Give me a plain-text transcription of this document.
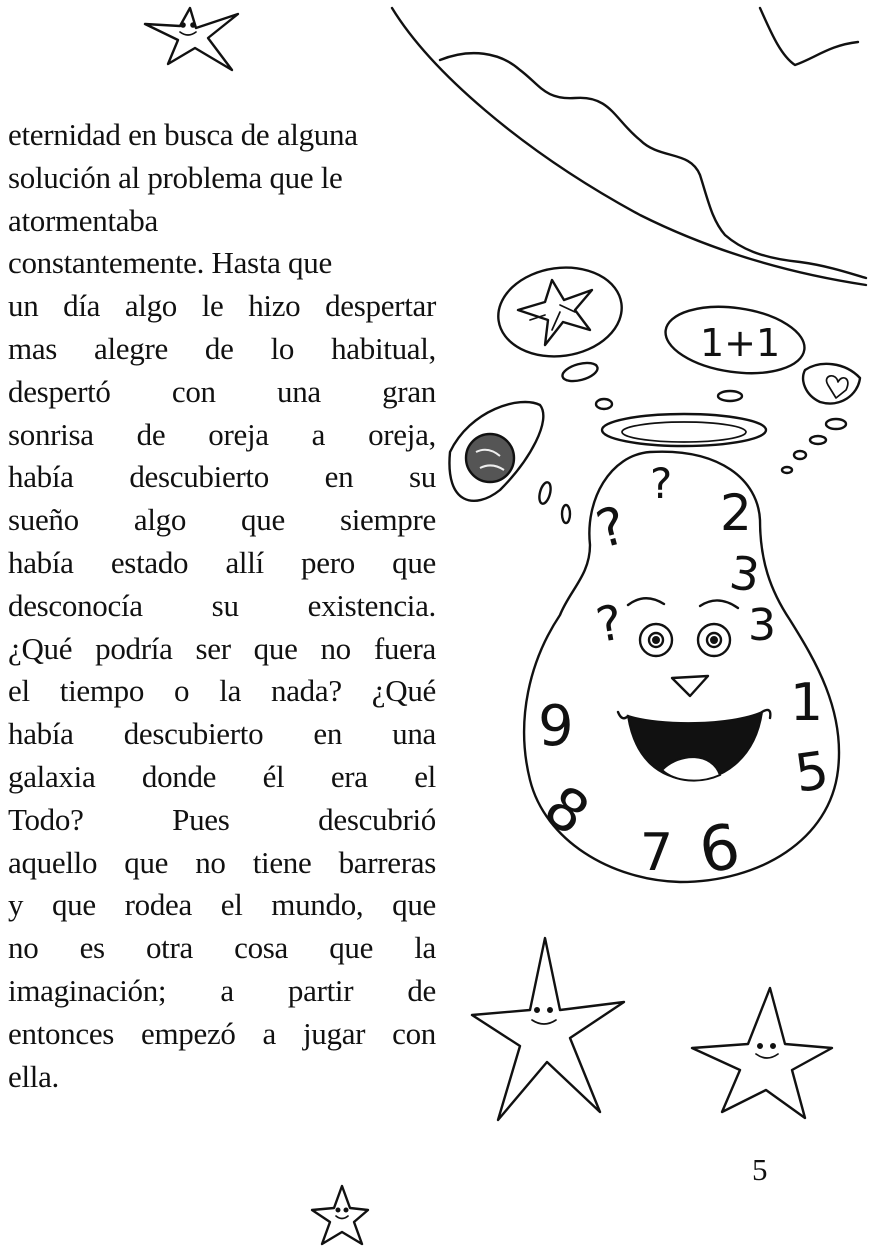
1+1
?
?
2
3
3
1
5
6
7
8
9
?
eternidad en busca de alguna
solución al problema que le
atormentaba
constantemente. Hasta que
un día algo le hizo despertar
mas alegre de lo habitual,
despertó con una gran
sonrisa de oreja a oreja,
había descubierto en su
sueño algo que siempre
había estado allí pero que
desconocía su existencia.
¿Qué podría ser que no fuera
el tiempo o la nada? ¿Qué
había descubierto en una
galaxia donde él era el
Todo? Pues descubrió
aquello que no tiene barreras
y que rodea el mundo, que
no es otra cosa que la
imaginación; a partir de
entonces empezó a jugar con
ella.
5
